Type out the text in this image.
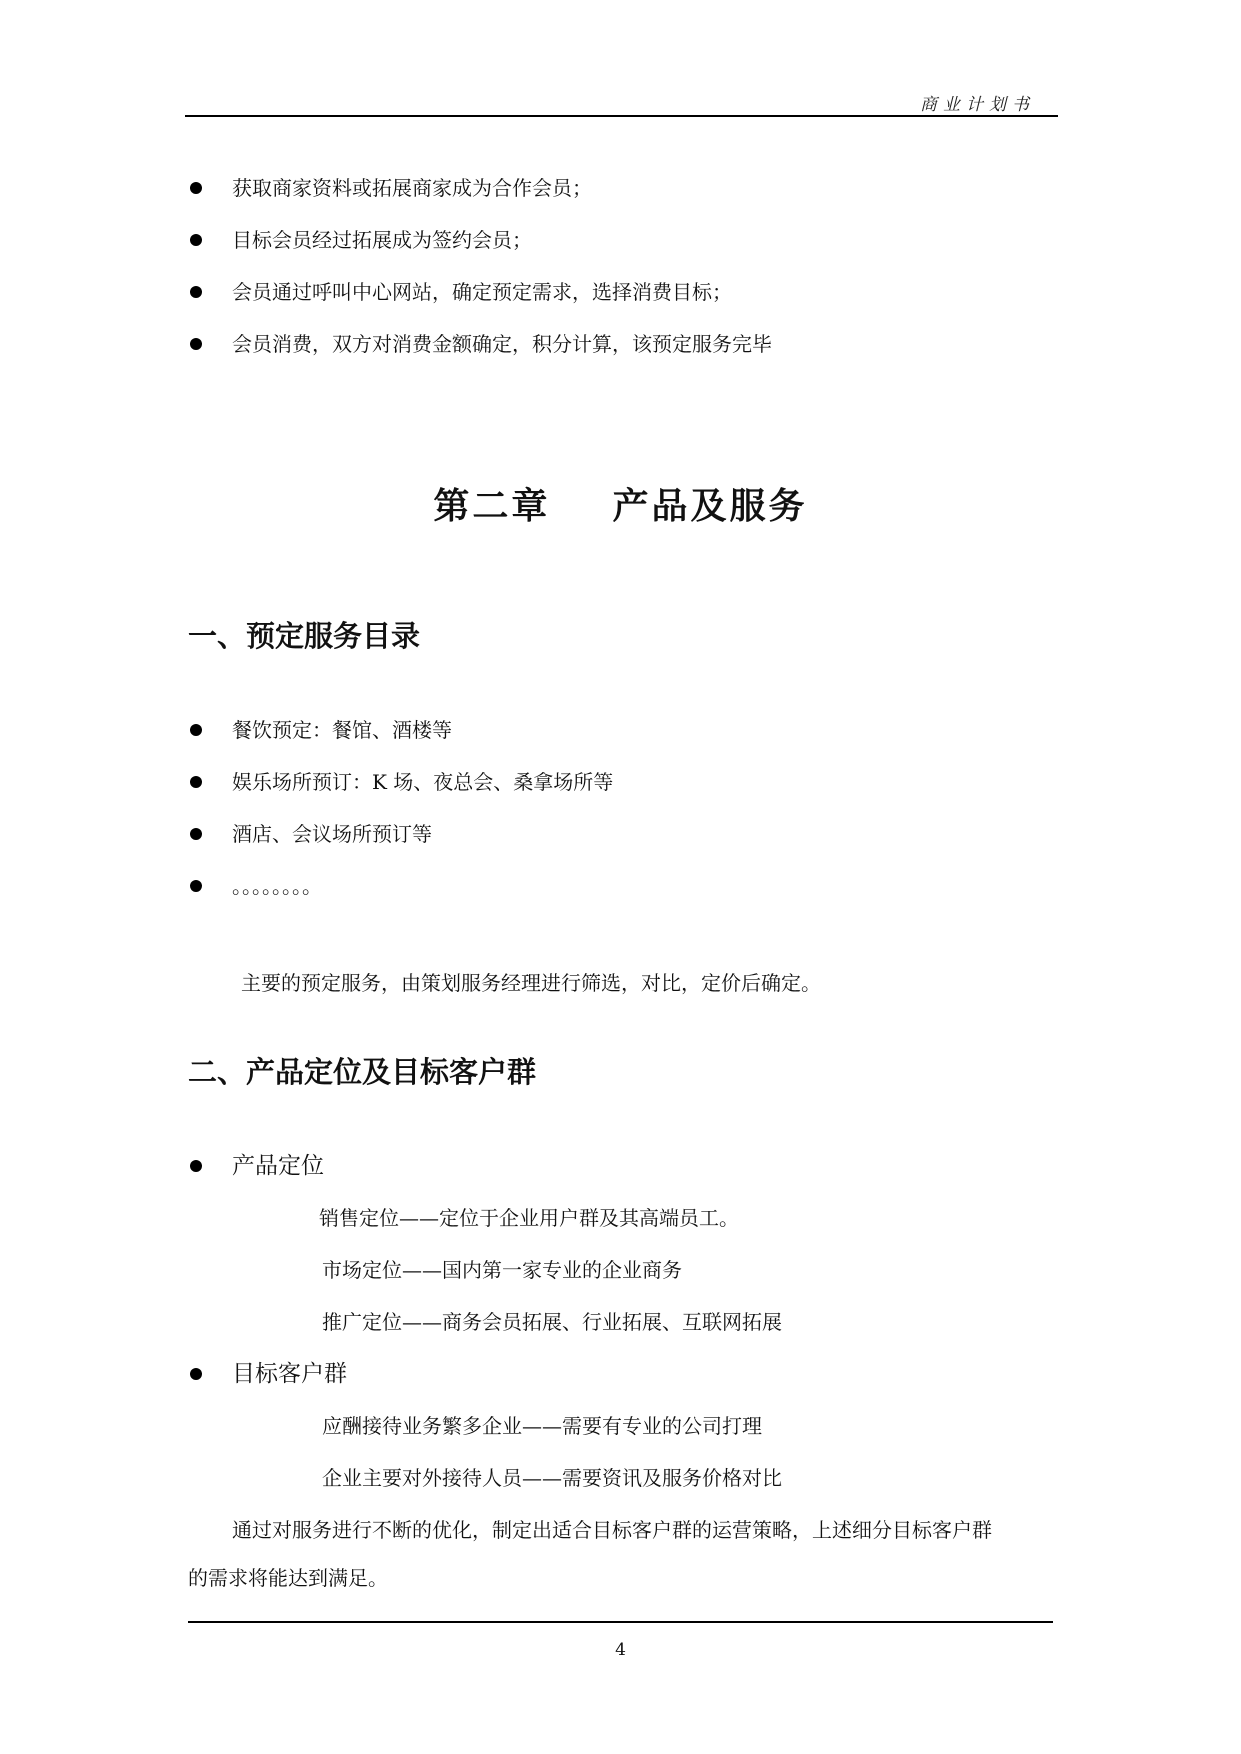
商业计划书
获取商家资料或拓展商家成为合作会员；
目标会员经过拓展成为签约会员；
会员通过呼叫中心网站，确定预定需求，选择消费目标；
会员消费，双方对消费金额确定，积分计算，该预定服务完毕
第二章    产品及服务
一、预定服务目录
餐饮预定：餐馆、酒楼等
娱乐场所预订：K 场、夜总会、桑拿场所等
酒店、会议场所预订等
。。。。。。。。
主要的预定服务，由策划服务经理进行筛选，对比，定价后确定。
二、产品定位及目标客户群
产品定位
销售定位——定位于企业用户群及其高端员工。
市场定位——国内第一家专业的企业商务
推广定位——商务会员拓展、行业拓展、互联网拓展
目标客户群
应酬接待业务繁多企业——需要有专业的公司打理
企业主要对外接待人员——需要资讯及服务价格对比
通过对服务进行不断的优化，制定出适合目标客户群的运营策略，上述细分目标客户群
的需求将能达到满足。
4
